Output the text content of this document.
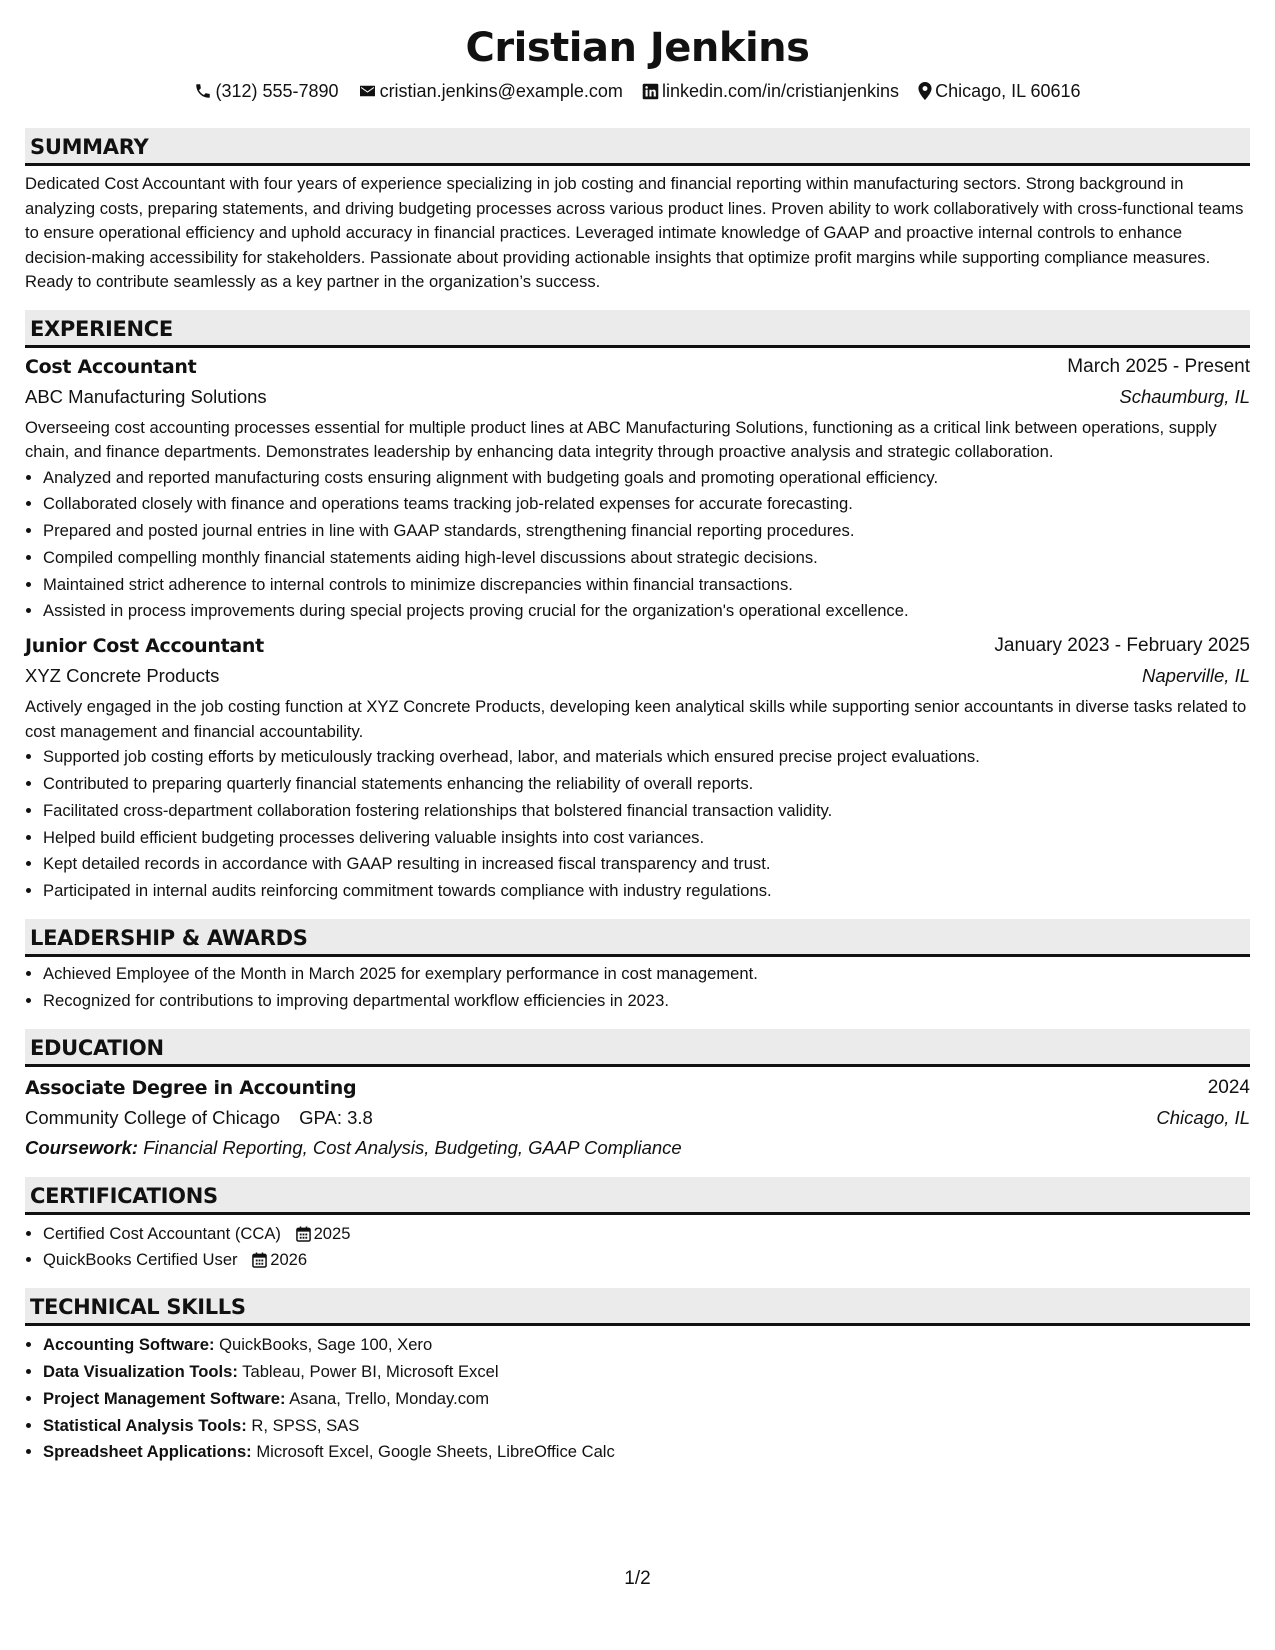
Cristian Jenkins
(312) 555-7890 cristian.jenkins@example.com linkedin.com/in/cristianjenkins Chicago, IL 60616
SUMMARY
Dedicated Cost Accountant with four years of experience specializing in job costing and financial reporting within manufacturing sectors. Strong background in analyzing costs, preparing statements, and driving budgeting processes across various product lines. Proven ability to work collaboratively with cross-functional teams to ensure operational efficiency and uphold accuracy in financial practices. Leveraged intimate knowledge of GAAP and proactive internal controls to enhance decision-making accessibility for stakeholders. Passionate about providing actionable insights that optimize profit margins while supporting compliance measures. Ready to contribute seamlessly as a key partner in the organization’s success.
EXPERIENCE
Cost Accountant	March 2025 - Present
ABC Manufacturing Solutions	Schaumburg, IL
Overseeing cost accounting processes essential for multiple product lines at ABC Manufacturing Solutions, functioning as a critical link between operations, supply chain, and finance departments. Demonstrates leadership by enhancing data integrity through proactive analysis and strategic collaboration.
• Analyzed and reported manufacturing costs ensuring alignment with budgeting goals and promoting operational efficiency.
• Collaborated closely with finance and operations teams tracking job-related expenses for accurate forecasting.
• Prepared and posted journal entries in line with GAAP standards, strengthening financial reporting procedures.
• Compiled compelling monthly financial statements aiding high-level discussions about strategic decisions.
• Maintained strict adherence to internal controls to minimize discrepancies within financial transactions.
• Assisted in process improvements during special projects proving crucial for the organization's operational excellence.
Junior Cost Accountant	January 2023 - February 2025
XYZ Concrete Products	Naperville, IL
Actively engaged in the job costing function at XYZ Concrete Products, developing keen analytical skills while supporting senior accountants in diverse tasks related to cost management and financial accountability.
• Supported job costing efforts by meticulously tracking overhead, labor, and materials which ensured precise project evaluations.
• Contributed to preparing quarterly financial statements enhancing the reliability of overall reports.
• Facilitated cross-department collaboration fostering relationships that bolstered financial transaction validity.
• Helped build efficient budgeting processes delivering valuable insights into cost variances.
• Kept detailed records in accordance with GAAP resulting in increased fiscal transparency and trust.
• Participated in internal audits reinforcing commitment towards compliance with industry regulations.
LEADERSHIP & AWARDS
• Achieved Employee of the Month in March 2025 for exemplary performance in cost management.
• Recognized for contributions to improving departmental workflow efficiencies in 2023.
EDUCATION
Associate Degree in Accounting	2024
Community College of Chicago GPA: 3.8	Chicago, IL
Coursework: Financial Reporting, Cost Analysis, Budgeting, GAAP Compliance
CERTIFICATIONS
• Certified Cost Accountant (CCA) 2025
• QuickBooks Certified User 2026
TECHNICAL SKILLS
• Accounting Software: QuickBooks, Sage 100, Xero
• Data Visualization Tools: Tableau, Power BI, Microsoft Excel
• Project Management Software: Asana, Trello, Monday.com
• Statistical Analysis Tools: R, SPSS, SAS
• Spreadsheet Applications: Microsoft Excel, Google Sheets, LibreOffice Calc
1/2
